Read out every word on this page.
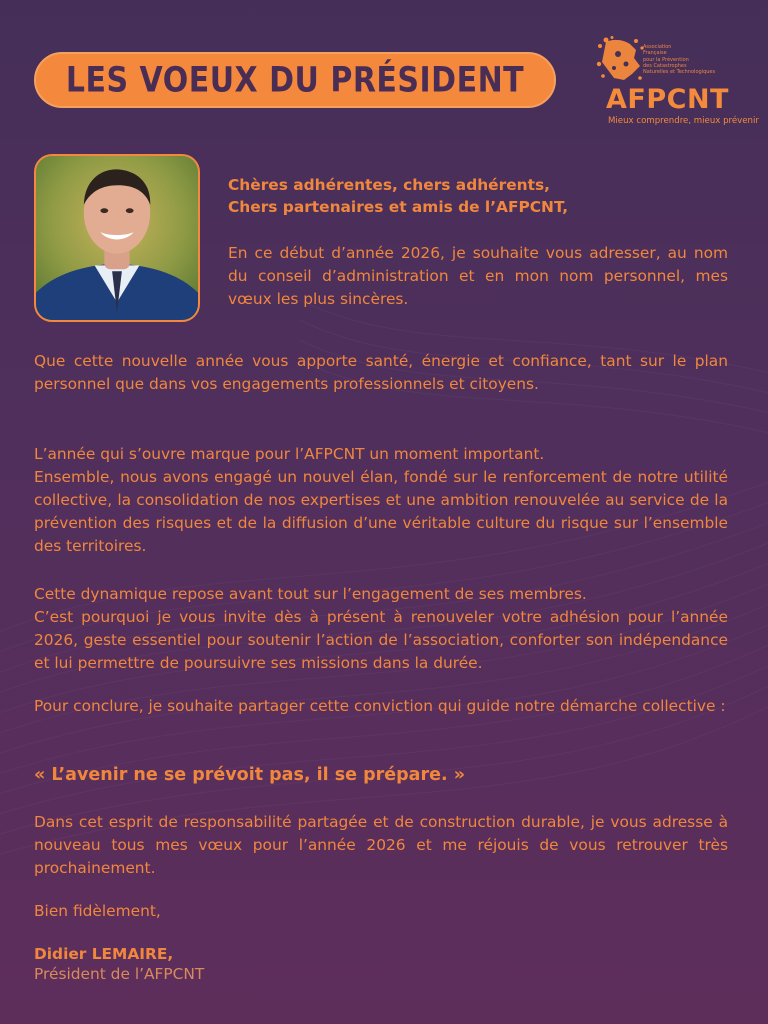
LES VOEUX DU PRÉSIDENT
Association
Française
pour la Prévention
des Catastrophes
Naturelles et Technologiques
AFPCNT
Mieux comprendre, mieux prévenir
Chères adhérentes, chers adhérents,
Chers partenaires et amis de l’AFPCNT,
En ce début d’année 2026, je souhaite vous adresser, au nom du conseil d’administration et en mon nom personnel, mes vœux les plus sincères.
Que cette nouvelle année vous apporte santé, énergie et confiance, tant sur le plan personnel que dans vos engagements professionnels et citoyens.
L’année qui s’ouvre marque pour l’AFPCNT un moment important.
Ensemble, nous avons engagé un nouvel élan, fondé sur le renforcement de notre utilité collective, la consolidation de nos expertises et une ambition renouvelée au service de la prévention des risques et de la diffusion d’une véritable culture du risque sur l’ensemble des territoires.
Cette dynamique repose avant tout sur l’engagement de ses membres.
C’est pourquoi je vous invite dès à présent à renouveler votre adhésion pour l’année 2026, geste essentiel pour soutenir l’action de l’association, conforter son indépendance et lui permettre de poursuivre ses missions dans la durée.
Pour conclure, je souhaite partager cette conviction qui guide notre démarche collective :
« L’avenir ne se prévoit pas, il se prépare. »
Dans cet esprit de responsabilité partagée et de construction durable, je vous adresse à nouveau tous mes vœux pour l’année 2026 et me réjouis de vous retrouver très prochainement.
Bien fidèlement,
Didier LEMAIRE,
Président de l’AFPCNT
